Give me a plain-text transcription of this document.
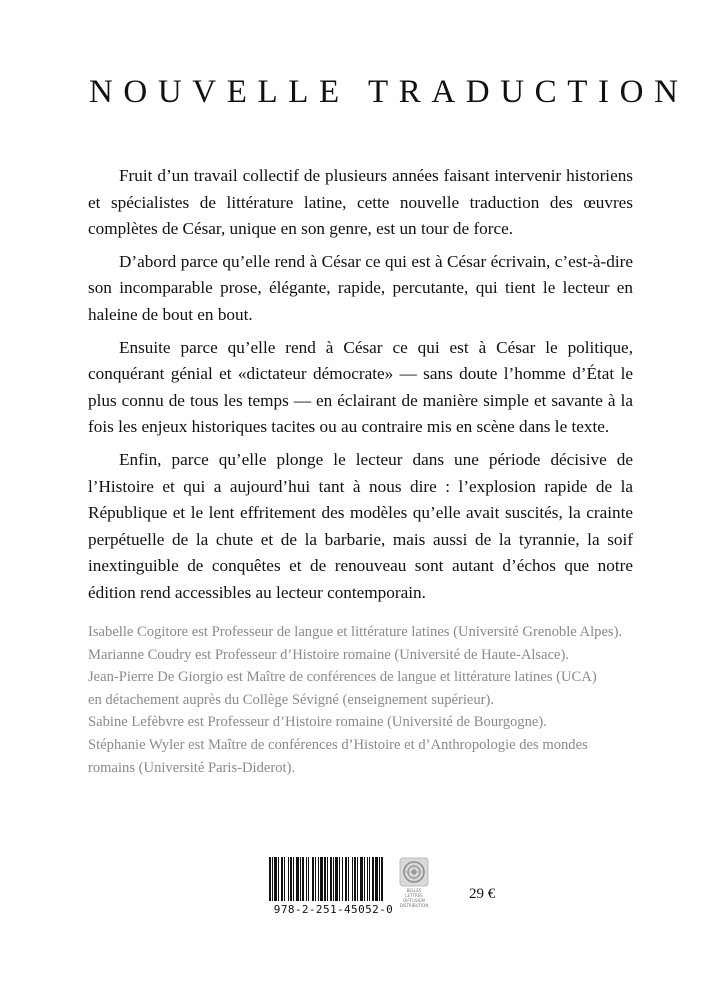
NOUVELLE TRADUCTION

Fruit d’un travail collectif de plusieurs années faisant intervenir historiens et spécialistes de littérature latine, cette nouvelle traduction des œuvres complètes de César, unique en son genre, est un tour de force.

D’abord parce qu’elle rend à César ce qui est à César écrivain, c’est-à-dire son incomparable prose, élégante, rapide, percutante, qui tient le lecteur en haleine de bout en bout.

Ensuite parce qu’elle rend à César ce qui est à César le politique, conquérant génial et «dictateur démocrate» — sans doute l’homme d’État le plus connu de tous les temps — en éclairant de manière simple et savante à la fois les enjeux historiques tacites ou au contraire mis en scène dans le texte.

Enfin, parce qu’elle plonge le lecteur dans une période décisive de l’Histoire et qui a aujourd’hui tant à nous dire : l’explosion rapide de la République et le lent effritement des modèles qu’elle avait suscités, la crainte perpétuelle de la chute et de la barbarie, mais aussi de la tyrannie, la soif inextinguible de conquêtes et de renouveau sont autant d’échos que notre édition rend accessibles au lecteur contemporain.

Isabelle Cogitore est Professeur de langue et littérature latines (Université Grenoble Alpes).

Marianne Coudry est Professeur d’Histoire romaine (Université de Haute-Alsace).

Jean-Pierre De Giorgio est Maître de conférences de langue et littérature latines (UCA)

en détachement auprès du Collège Sévigné (enseignement supérieur).

Sabine Lefèbvre est Professeur d’Histoire romaine (Université de Bourgogne).

Stéphanie Wyler est Maître de conférences d’Histoire et d’Anthropologie des mondes

romains (Université Paris-Diderot).

978-2-251-45052-0
BELLES LETTRES DIFFUSION DISTRIBUTION
29 €
